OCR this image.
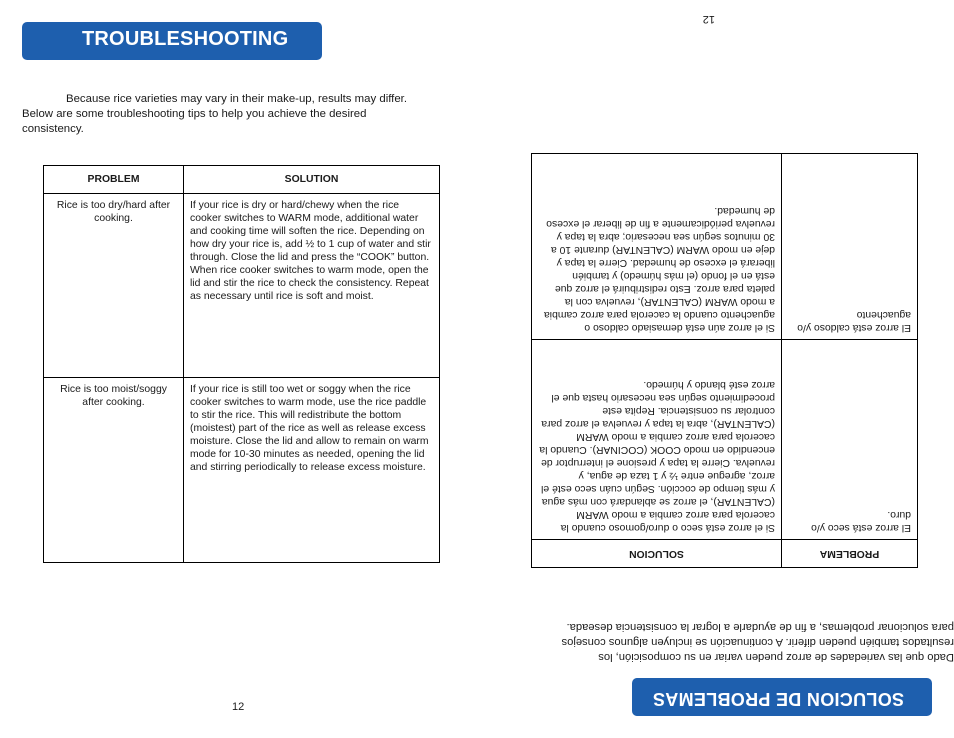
TROUBLESHOOTING

Because rice varieties may vary in their make-up, results may differ. Below are some troubleshooting tips to help you achieve the desired consistency.

PROBLEM	SOLUTION
Rice is too dry/hard after cooking.	If your rice is dry or hard/chewy when the rice cooker switches to WARM mode, additional water and cooking time will soften the rice. Depending on how dry your rice is, add ½ to 1 cup of water and stir through. Close the lid and press the “COOK” button. When rice cooker switches to warm mode, open the lid and stir the rice to check the consistency. Repeat as necessary until rice is soft and moist.
Rice is too moist/soggy after cooking.	If your rice is still too wet or soggy when the rice cooker switches to warm mode, use the rice paddle to stir the rice. This will redistribute the bottom (moistest) part of the rice as well as release excess moisture. Close the lid and allow to remain on warm mode for 10-30 minutes as needed, opening the lid and stirring periodically to release excess moisture.
12	SOLUCION DE PROBLEMAS

Dado que las variedades de arroz pueden variar en su composición, los resultados también pueden diferir. A continuación se incluyen algunos consejos para solucionar problemas, a fin de ayudarle a lograr la consistencia deseada.

PROBLEMA	SOLUCION
El arroz está seco y/o duro.	Si el arroz está seco o duro/gomoso cuando la cacerola para arroz cambia a modo WARM (CALENTAR), el arroz se ablandará con más agua y más tiempo de cocción. Según cuán seco esté el arroz, agregue entre ½ y 1 taza de agua, y revuelva. Cierre la tapa y presione el interruptor de encendido en modo COOK (COCINAR). Cuando la cacerola para arroz cambia a modo WARM (CALENTAR), abra la tapa y revuelva el arroz para controlar su consistencia. Repita este procedimiento según sea necesario hasta que el arroz esté blando y húmedo.
El arroz está caldoso y/o aguachento	Si el arroz aún está demasiado caldoso o aguachento cuando la cacerola para arroz cambia a modo WARM (CALENTAR), revuelva con la paleta para arroz. Esto redistribuirá el arroz que está en el fondo (el más húmedo) y también liberará el exceso de humedad. Cierre la tapa y deje en modo WARM (CALENTAR) durante 10 a 30 minutos según sea necesario; abra la tapa y revuelva periódicamente a fin de liberar el exceso de humedad.
12
